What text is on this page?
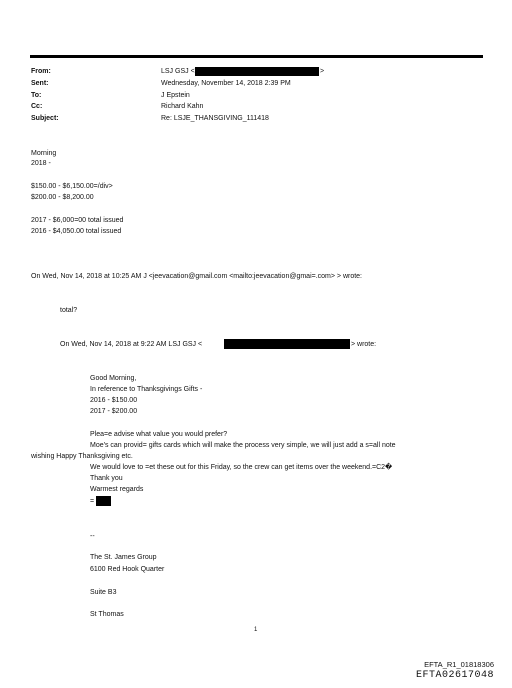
From:	LSJ GSJ <	>
Sent:	Wednesday, November 14, 2018 2:39 PM
To:	J Epstein
Cc:	Richard Kahn
Subject:	Re: LSJE_THANSGIVING_111418
Morning
2018 -
$150.00 - $6,150.00=/div>
$200.00 - $8,200.00
2017 - $6,000=00 total issued
2016 - $4,050.00 total issued
On Wed, Nov 14, 2018 at 10:25 AM J <jeevacation@gmail.com <mailto:jeevacation@gmai=.com> > wrote:
total?
On Wed, Nov 14, 2018 at 9:22 AM LSJ GSJ <	> wrote:
Good Morning,
In reference to Thanksgivings Gifts -
2016 - $150.00
2017 - $200.00
Plea=e advise what value you would prefer?
Moe's can provid= gifts cards which will make the process very simple, we will just add a s=all note
wishing Happy Thanksgiving etc.
We would love to =et these out for this Friday, so the crew can get items over the weekend.=C2�
Thank you
Warmest regards
=
--
The St. James Group
6100 Red Hook Quarter
Suite B3
St Thomas
1
EFTA_R1_01818306
EFTA02617048
